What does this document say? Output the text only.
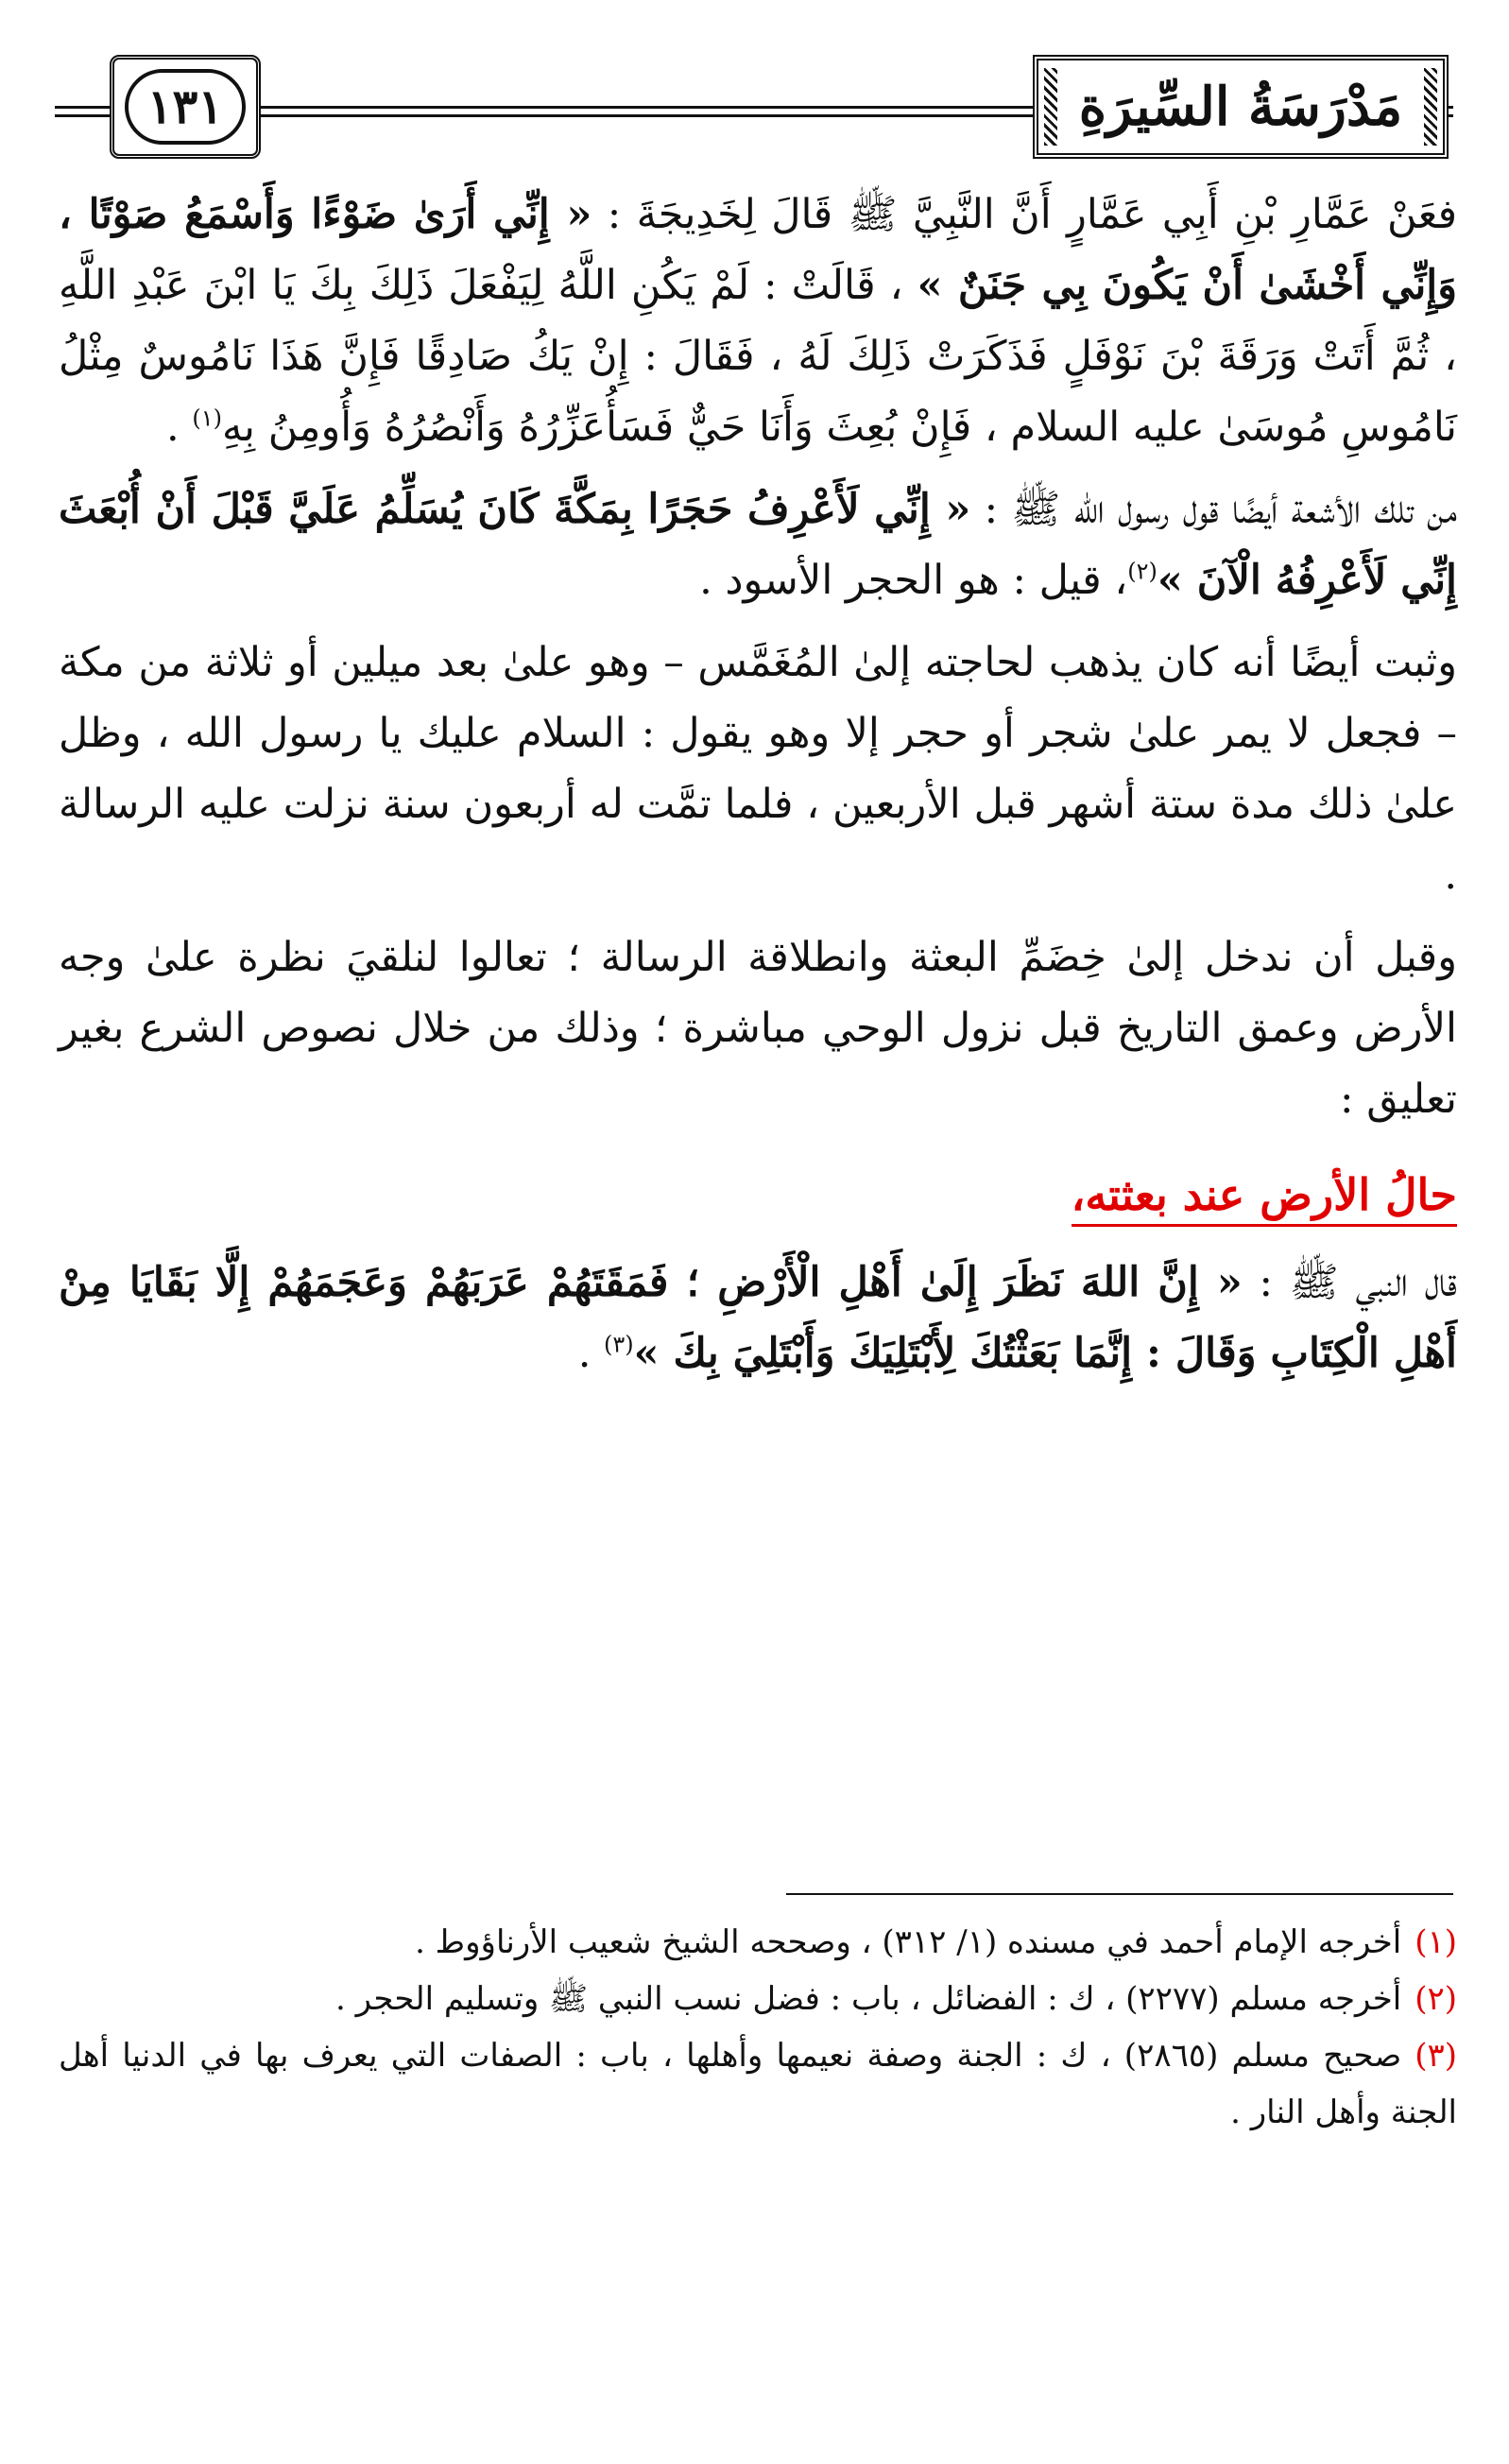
١٣١	مَدْرَسَةُ السِّيرَةِ

فعَنْ عَمَّارِ بْنِ أَبِي عَمَّارٍ أَنَّ النَّبِيَّ ﷺ قَالَ لِخَدِيجَةَ : « إِنِّي أَرَىٰ ضَوْءًا وَأَسْمَعُ صَوْتًا ، وَإِنِّي أَخْشَىٰ أَنْ يَكُونَ بِي جَنَنٌ » ، قَالَتْ : لَمْ يَكُنِ اللَّهُ لِيَفْعَلَ ذَلِكَ بِكَ يَا ابْنَ عَبْدِ اللَّهِ ، ثُمَّ أَتَتْ وَرَقَةَ بْنَ نَوْفَلٍ فَذَكَرَتْ ذَلِكَ لَهُ ، فَقَالَ : إِنْ يَكُ صَادِقًا فَإِنَّ هَذَا نَامُوسٌ مِثْلُ نَامُوسِ مُوسَىٰ عليه السلام ، فَإِنْ بُعِثَ وَأَنَا حَيٌّ فَسَأُعَزِّرُهُ وَأَنْصُرُهُ وَأُومِنُ بِهِ$^{(١)}$ .

من تلك الأشعة أيضًا قول رسول الله ﷺ : « إِنِّي لَأَعْرِفُ حَجَرًا بِمَكَّةَ كَانَ يُسَلِّمُ عَلَيَّ قَبْلَ أَنْ أُبْعَثَ إِنِّي لَأَعْرِفُهُ الْآنَ »$^{(٢)}$، قيل : هو الحجر الأسود .

وثبت أيضًا أنه كان يذهب لحاجته إلىٰ المُغَمَّس – وهو علىٰ بعد ميلين أو ثلاثة من مكة – فجعل لا يمر علىٰ شجر أو حجر إلا وهو يقول : السلام عليك يا رسول الله ، وظل علىٰ ذلك مدة ستة أشهر قبل الأربعين ، فلما تمَّت له أربعون سنة نزلت عليه الرسالة .

وقبل أن ندخل إلىٰ خِضَمِّ البعثة وانطلاقة الرسالة ؛ تعالوا لنلقيَ نظرة علىٰ وجه الأرض وعمق التاريخ قبل نزول الوحي مباشرة ؛ وذلك من خلال نصوص الشرع بغير تعليق :

حالُ الأرض عند بعثته،

قال النبي ﷺ : « إِنَّ اللهَ نَظَرَ إِلَىٰ أَهْلِ الْأَرْضِ ؛ فَمَقَتَهُمْ عَرَبَهُمْ وَعَجَمَهُمْ إِلَّا بَقَايَا مِنْ أَهْلِ الْكِتَابِ وَقَالَ : إِنَّمَا بَعَثْتُكَ لِأَبْتَلِيَكَ وَأَبْتَلِيَ بِكَ »$^{(٣)}$ .

(١)أخرجه الإمام أحمد في مسنده (١/ ٣١٢) ، وصححه الشيخ شعيب الأرناؤوط .

(٢)أخرجه مسلم (٢٢٧٧) ، ك : الفضائل ، باب : فضل نسب النبي ﷺ وتسليم الحجر .

(٣)صحيح مسلم (٢٨٦٥) ، ك : الجنة وصفة نعيمها وأهلها ، باب : الصفات التي يعرف بها في الدنيا أهل الجنة وأهل النار .
